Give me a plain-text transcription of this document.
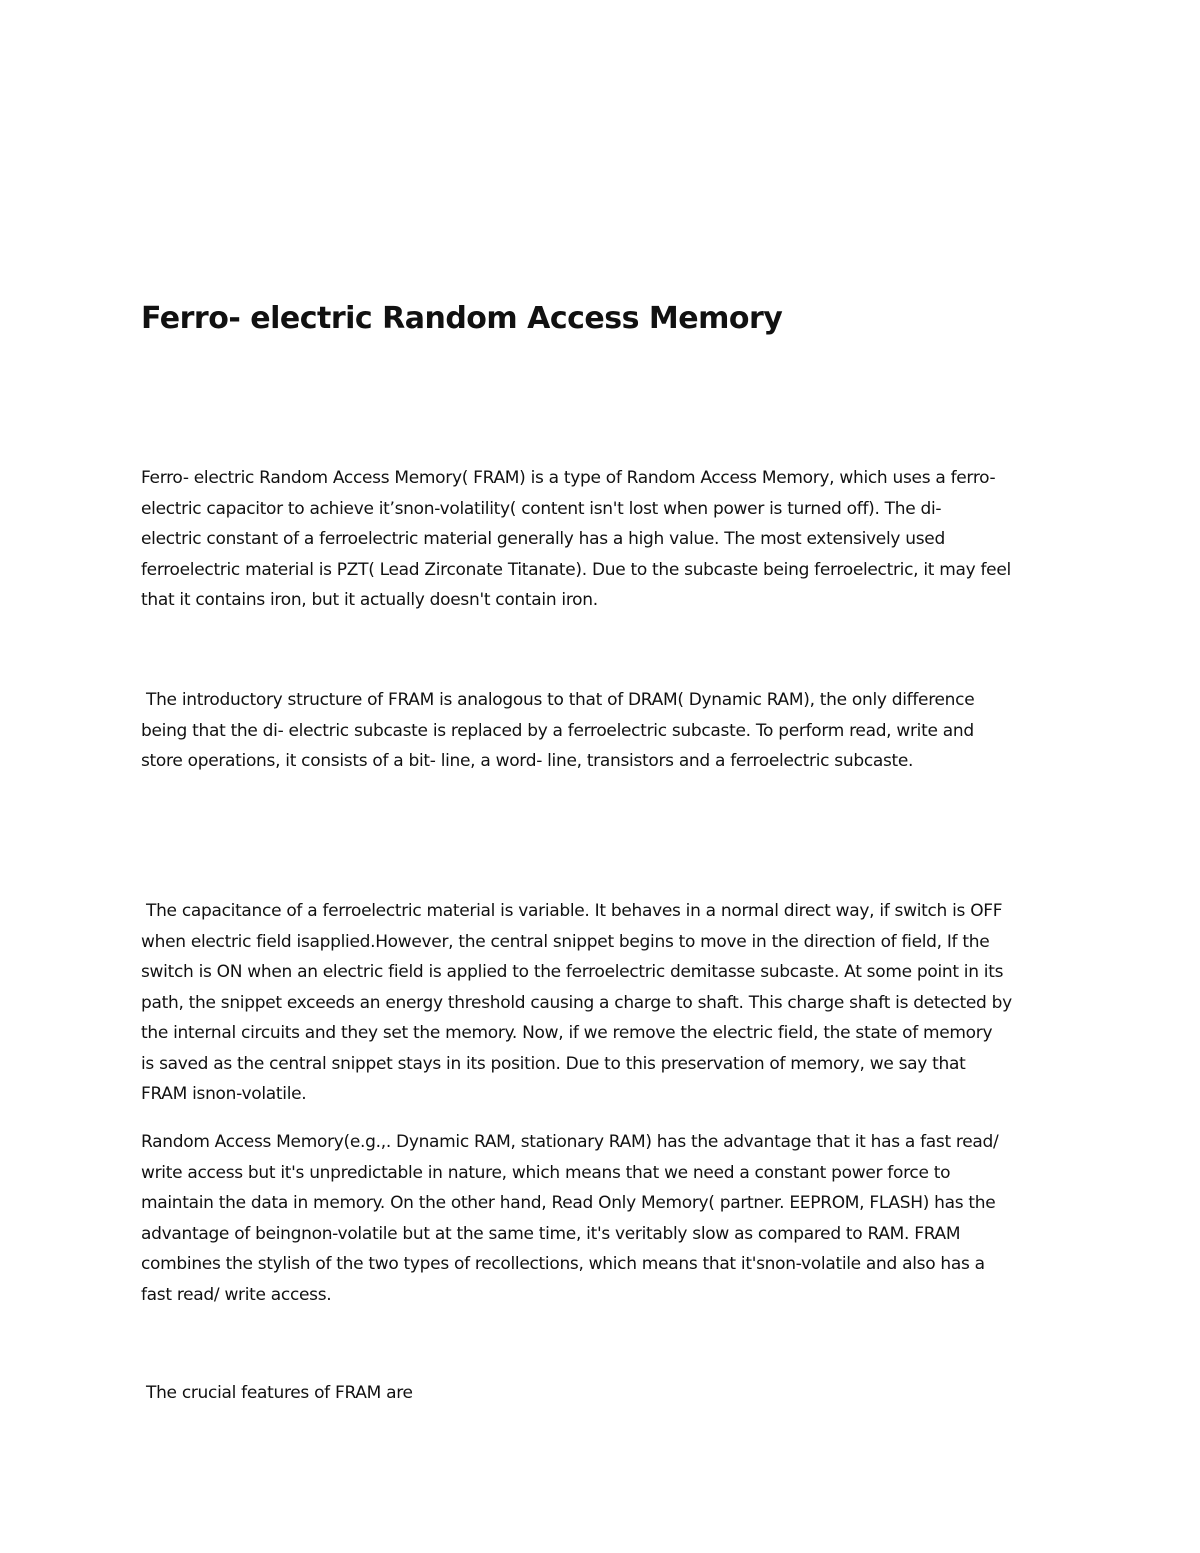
Ferro- electric Random Access Memory

Ferro- electric Random Access Memory( FRAM) is a type of Random Access Memory, which uses a ferro-
electric capacitor to achieve it’snon-volatility( content isn't lost when power is turned off). The di-
electric constant of a ferroelectric material generally has a high value. The most extensively used
ferroelectric material is PZT( Lead Zirconate Titanate). Due to the subcaste being ferroelectric, it may feel
that it contains iron, but it actually doesn't contain iron.

The introductory structure of FRAM is analogous to that of DRAM( Dynamic RAM), the only difference
being that the di- electric subcaste is replaced by a ferroelectric subcaste. To perform read, write and
store operations, it consists of a bit- line, a word- line, transistors and a ferroelectric subcaste.

The capacitance of a ferroelectric material is variable. It behaves in a normal direct way, if switch is OFF
when electric field isapplied.However, the central snippet begins to move in the direction of field, If the
switch is ON when an electric field is applied to the ferroelectric demitasse subcaste. At some point in its
path, the snippet exceeds an energy threshold causing a charge to shaft. This charge shaft is detected by
the internal circuits and they set the memory. Now, if we remove the electric field, the state of memory
is saved as the central snippet stays in its position. Due to this preservation of memory, we say that
FRAM isnon-volatile.

Random Access Memory(e.g.,. Dynamic RAM, stationary RAM) has the advantage that it has a fast read/
write access but it's unpredictable in nature, which means that we need a constant power force to
maintain the data in memory. On the other hand, Read Only Memory( partner. EEPROM, FLASH) has the
advantage of beingnon-volatile but at the same time, it's veritably slow as compared to RAM. FRAM
combines the stylish of the two types of recollections, which means that it'snon-volatile and also has a
fast read/ write access.

The crucial features of FRAM are
